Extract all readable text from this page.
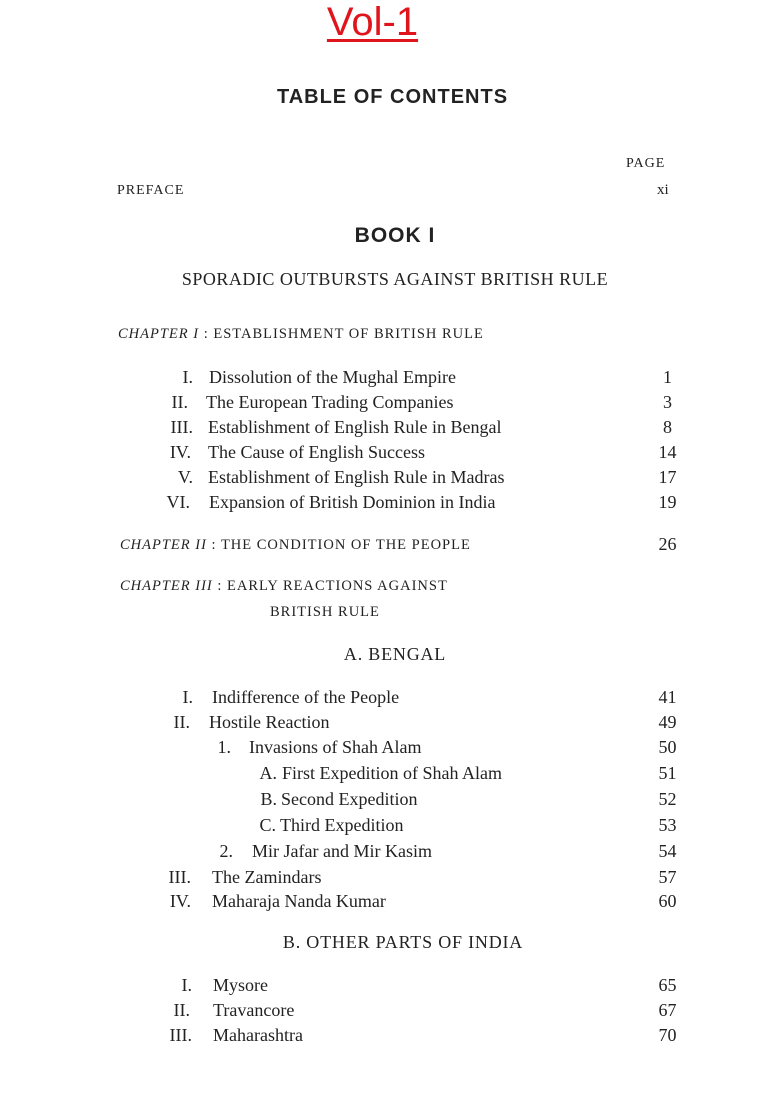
Vol-1
TABLE OF CONTENTS
PAGE
PREFACE	xi
BOOK I
SPORADIC OUTBURSTS AGAINST BRITISH RULE
CHAPTER I : ESTABLISHMENT OF BRITISH RULE
I. Dissolution of the Mughal Empire	1
II. The European Trading Companies	3
III. Establishment of English Rule in Bengal	8
IV. The Cause of English Success	14
V. Establishment of English Rule in Madras	17
VI. Expansion of British Dominion in India	19
CHAPTER II : THE CONDITION OF THE PEOPLE	26
CHAPTER III : EARLY REACTIONS AGAINST
BRITISH RULE
A. BENGAL
I. Indifference of the People	41
II. Hostile Reaction	49
1. Invasions of Shah Alam	50
A. First Expedition of Shah Alam	51
B. Second Expedition	52
C. Third Expedition	53
2. Mir Jafar and Mir Kasim	54
III. The Zamindars	57
IV. Maharaja Nanda Kumar	60
B. OTHER PARTS OF INDIA
I. Mysore	65
II. Travancore	67
III. Maharashtra	70
